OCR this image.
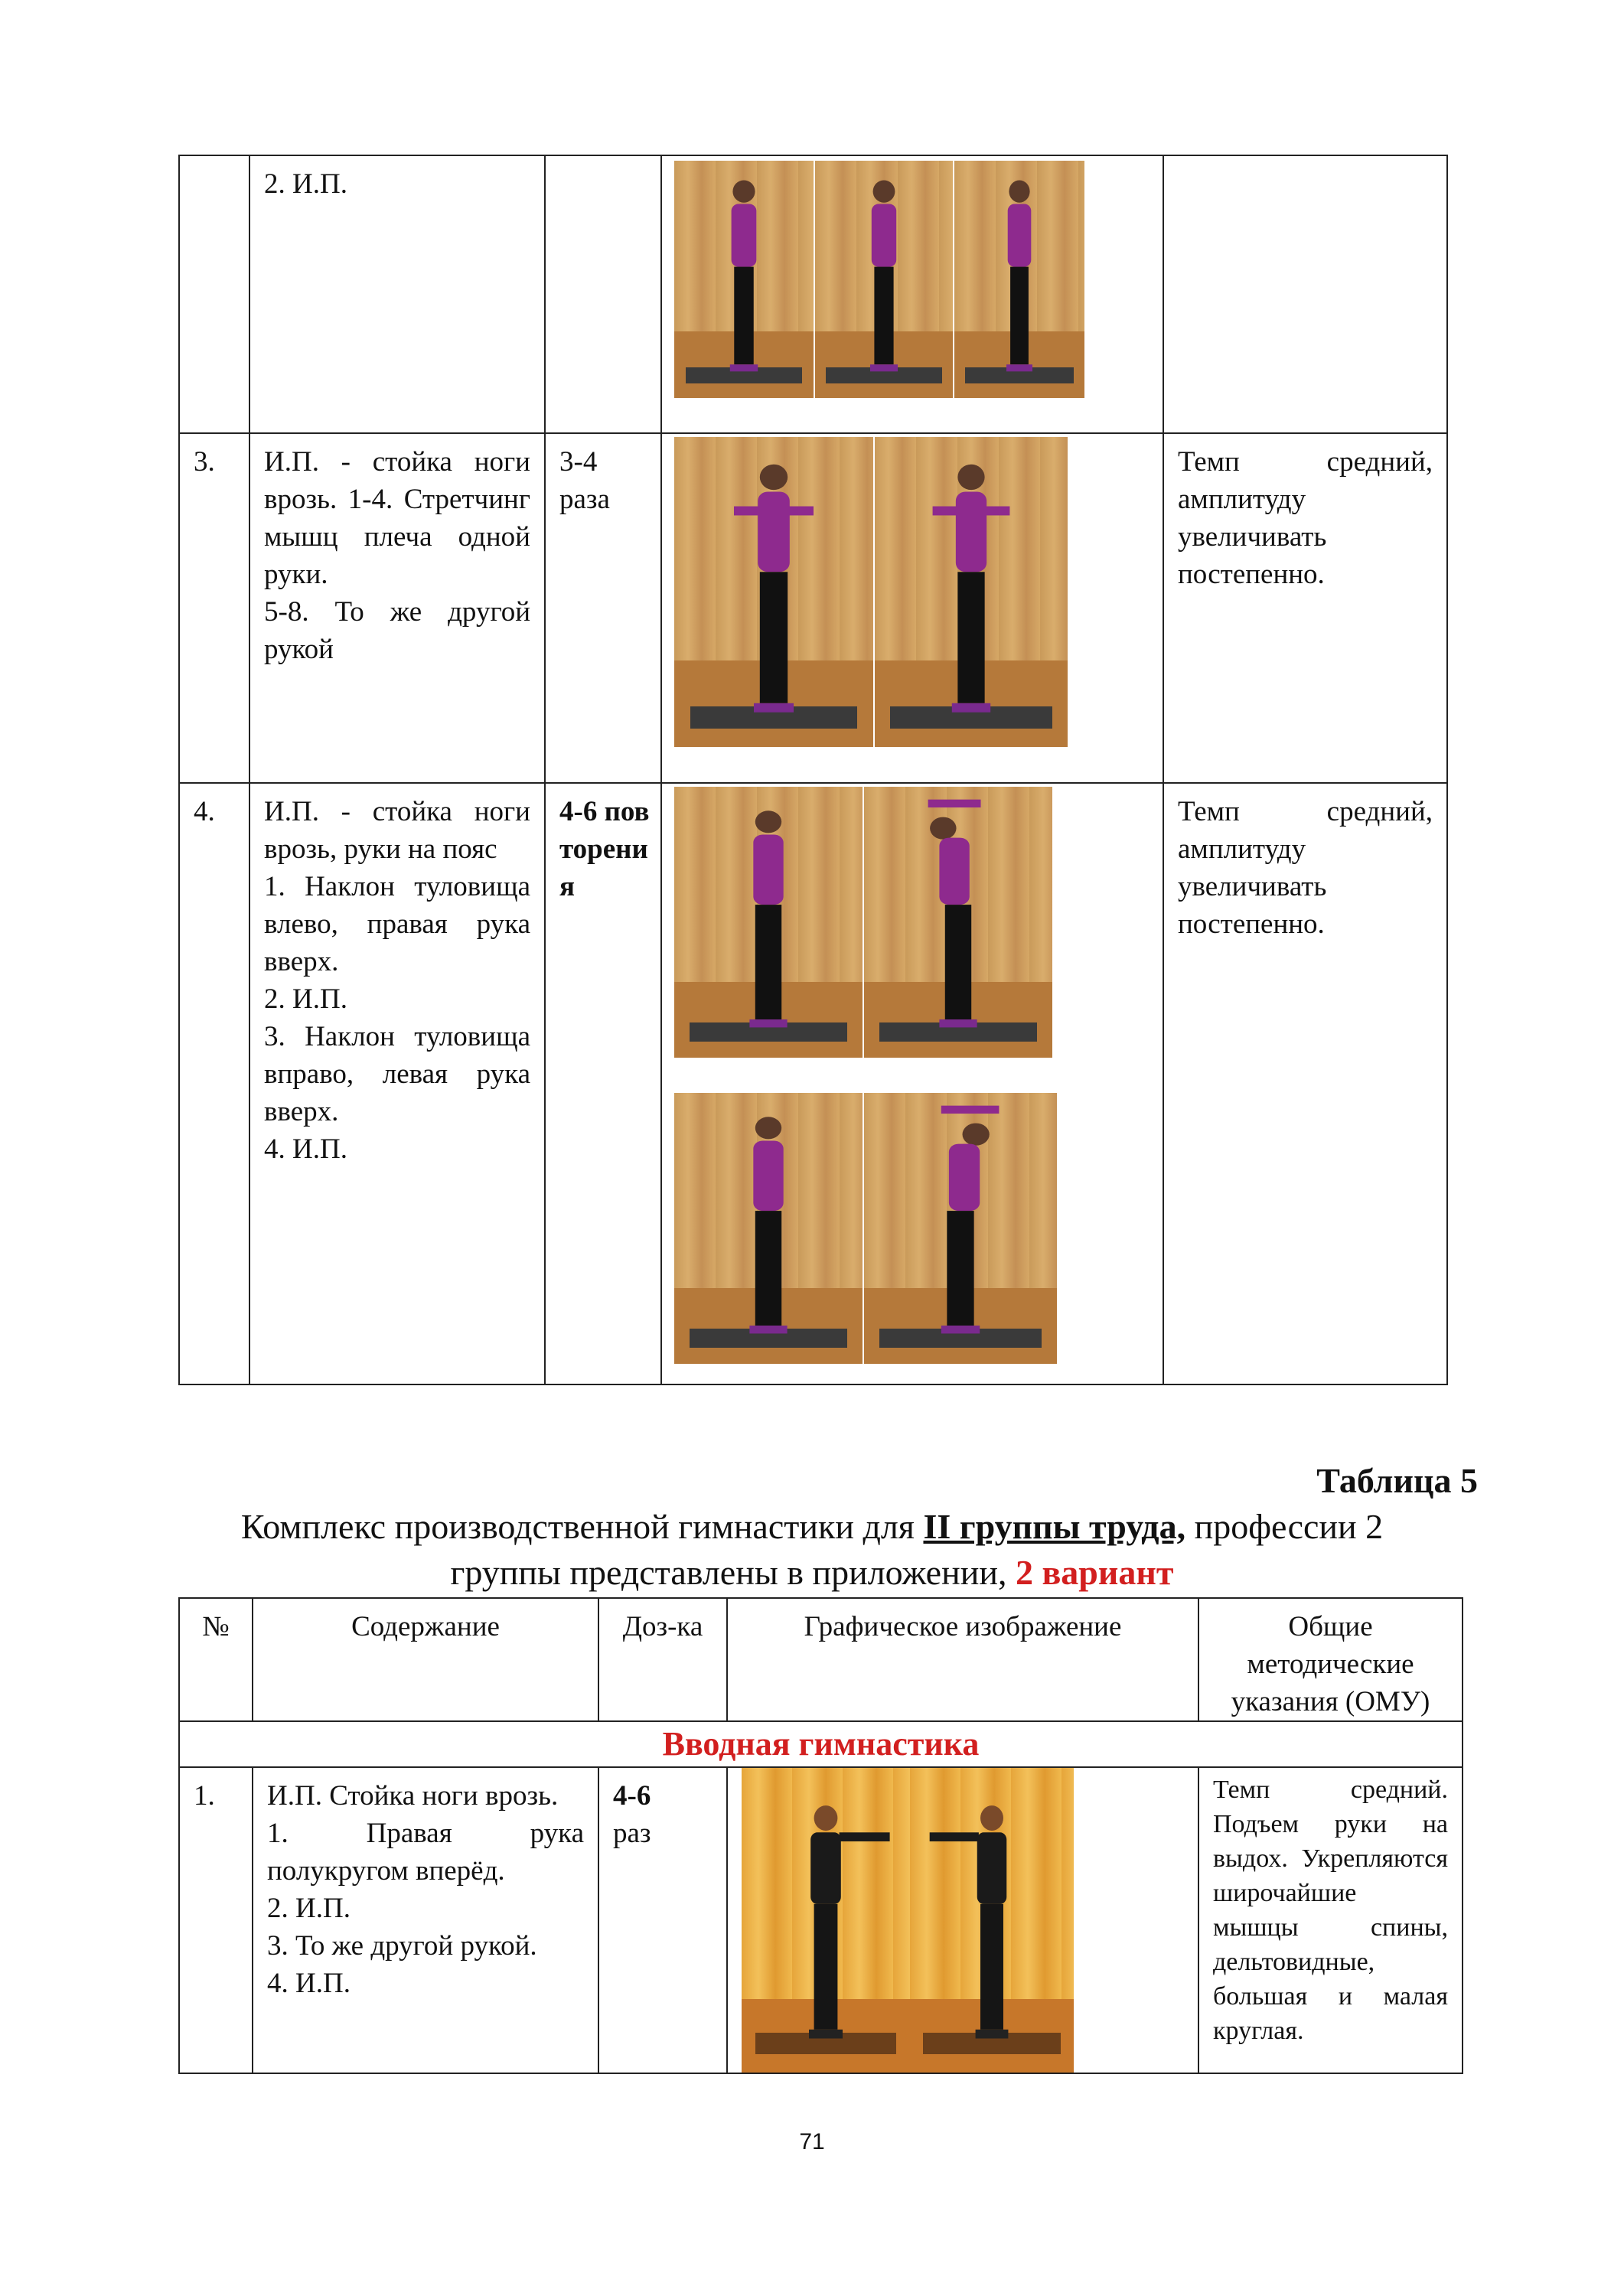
	2. И.П.

3.	И.П. - стойка ноги врозь. 1-4. Стретчинг мышц плеча одной руки.
5-8. То же другой рукой	3-4 раза		Темп средний, амплитуду увеличивать постепенно.

4.	И.П. - стойка ноги врозь, руки на пояс
1. Наклон туловища влево, правая рука вверх.
2. И.П.
3. Наклон туловища вправо, левая рука вверх.
4. И.П.	4-6 повторения		Темп средний, амплитуду увеличивать постепенно.
Таблица 5
Комплекс производственной гимнастики для II группы труда, профессии 2
группы представлены в приложении, 2 вариант
№	Содержание	Доз-ка	Графическое изображение	Общие методические указания (ОМУ)

Вводная гимнастика				

1.	И.П. Стойка ноги врозь.
1. Правая рука полукругом вперёд.
2. И.П.
3. То же другой рукой.
4. И.П.	4-6
раз		Темп средний. Подъем руки на выдох. Укрепляются широчайшие мышцы спины, дельтовидные, большая и малая круглая.
71
